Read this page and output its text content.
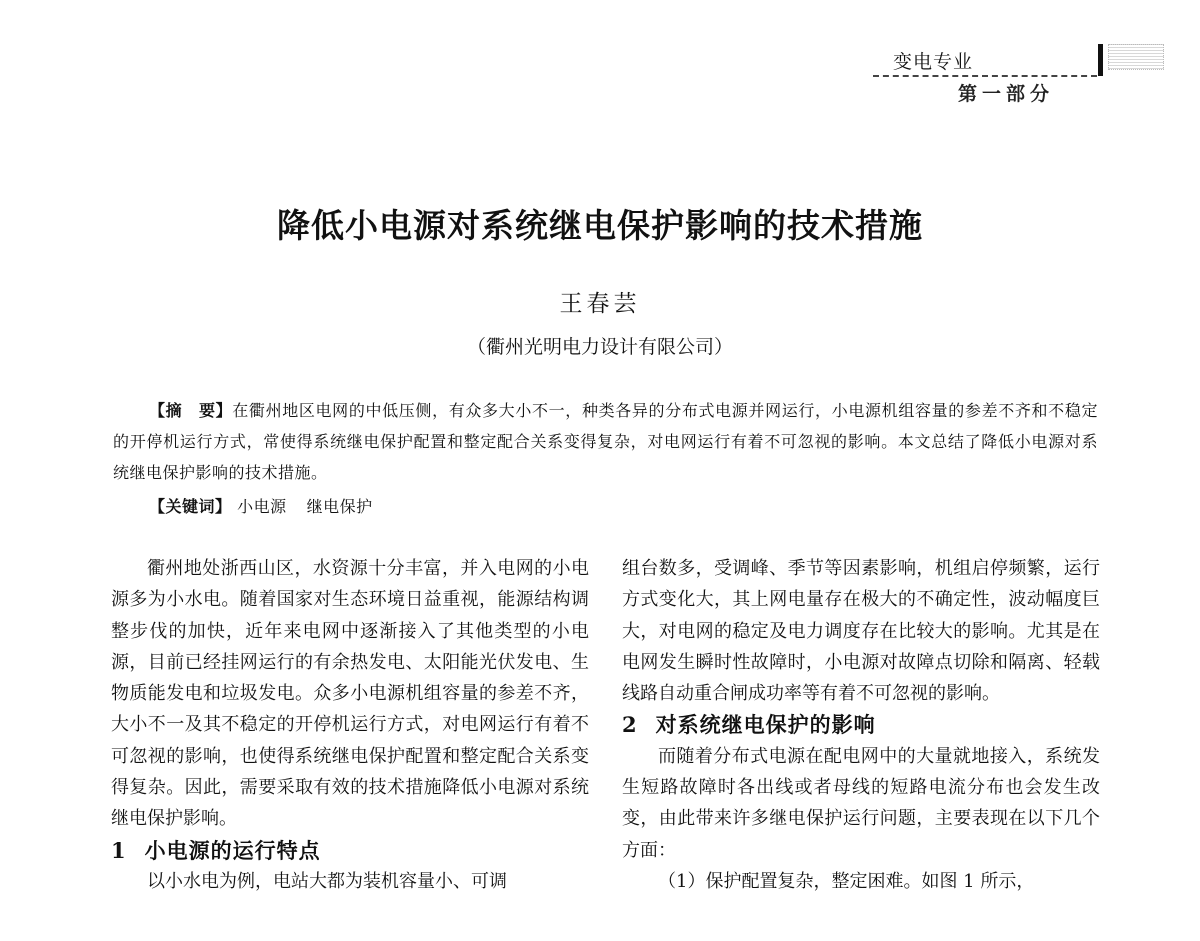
变电专业
第一部分
降低小电源对系统继电保护影响的技术措施
王春芸
（衢州光明电力设计有限公司）

【摘　要】在衢州地区电网的中低压侧，有众多大小不一，种类各异的分布式电源并网运行，小电源机组容量的参差不齐和不稳定的开停机运行方式，常使得系统继电保护配置和整定配合关系变得复杂，对电网运行有着不可忽视的影响。本文总结了降低小电源对系统继电保护影响的技术措施。

【关键词】 小电源 继电保护

衢州地处浙西山区，水资源十分丰富，并入电网的小电源多为小水电。随着国家对生态环境日益重视，能源结构调整步伐的加快，近年来电网中逐渐接入了其他类型的小电源，目前已经挂网运行的有余热发电、太阳能光伏发电、生物质能发电和垃圾发电。众多小电源机组容量的参差不齐，大小不一及其不稳定的开停机运行方式，对电网运行有着不可忽视的影响，也使得系统继电保护配置和整定配合关系变得复杂。因此，需要采取有效的技术措施降低小电源对系统继电保护影响。

1 小电源的运行特点

以小水电为例，电站大都为装机容量小、可调

组台数多，受调峰、季节等因素影响，机组启停频繁，运行方式变化大，其上网电量存在极大的不确定性，波动幅度巨大，对电网的稳定及电力调度存在比较大的影响。尤其是在电网发生瞬时性故障时，小电源对故障点切除和隔离、轻载线路自动重合闸成功率等有着不可忽视的影响。

2 对系统继电保护的影响

而随着分布式电源在配电网中的大量就地接入，系统发生短路故障时各出线或者母线的短路电流分布也会发生改变，由此带来许多继电保护运行问题，主要表现在以下几个方面：

（1）保护配置复杂，整定困难。如图 1 所示，
